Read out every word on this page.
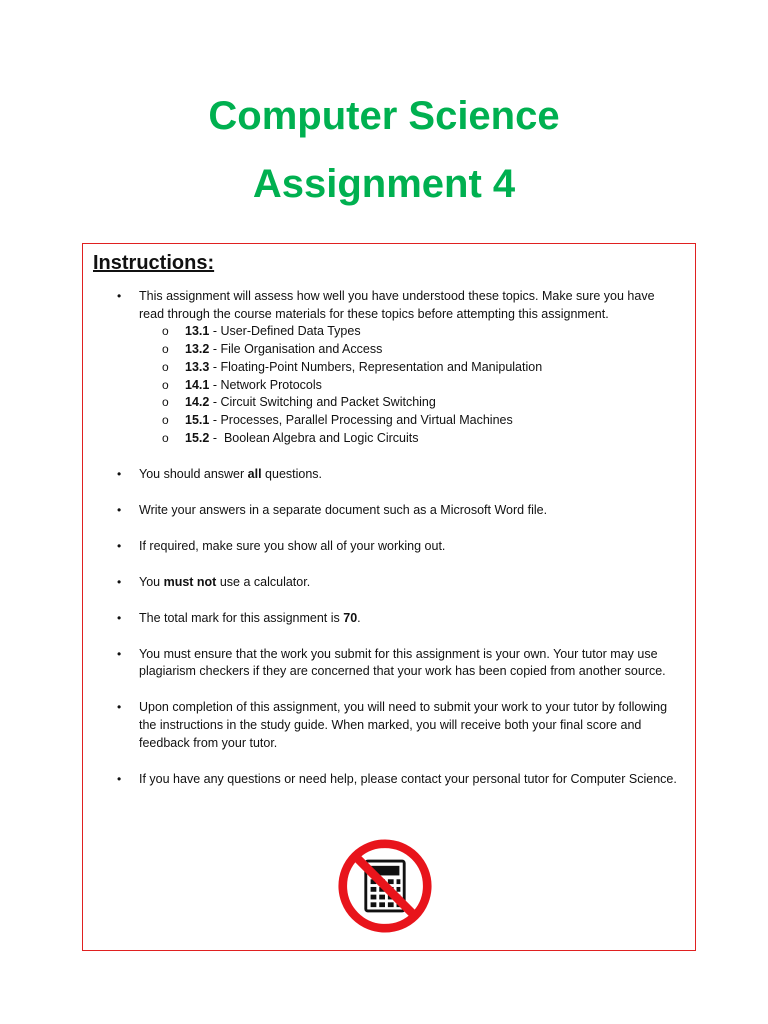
Computer Science
Assignment 4
Instructions:
• This assignment will assess how well you have understood these topics. Make sure you have read through the course materials for these topics before attempting this assignment.
o 13.1 - User-Defined Data Types
o 13.2 - File Organisation and Access
o 13.3 - Floating-Point Numbers, Representation and Manipulation
o 14.1 - Network Protocols
o 14.2 - Circuit Switching and Packet Switching
o 15.1 - Processes, Parallel Processing and Virtual Machines
o 15.2 -  Boolean Algebra and Logic Circuits
• You should answer all questions.
• Write your answers in a separate document such as a Microsoft Word file.
• If required, make sure you show all of your working out.
• You must not use a calculator.
• The total mark for this assignment is 70.
• You must ensure that the work you submit for this assignment is your own. Your tutor may use plagiarism checkers if they are concerned that your work has been copied from another source.
• Upon completion of this assignment, you will need to submit your work to your tutor by following the instructions in the study guide. When marked, you will receive both your final score and feedback from your tutor.
• If you have any questions or need help, please contact your personal tutor for Computer Science.
